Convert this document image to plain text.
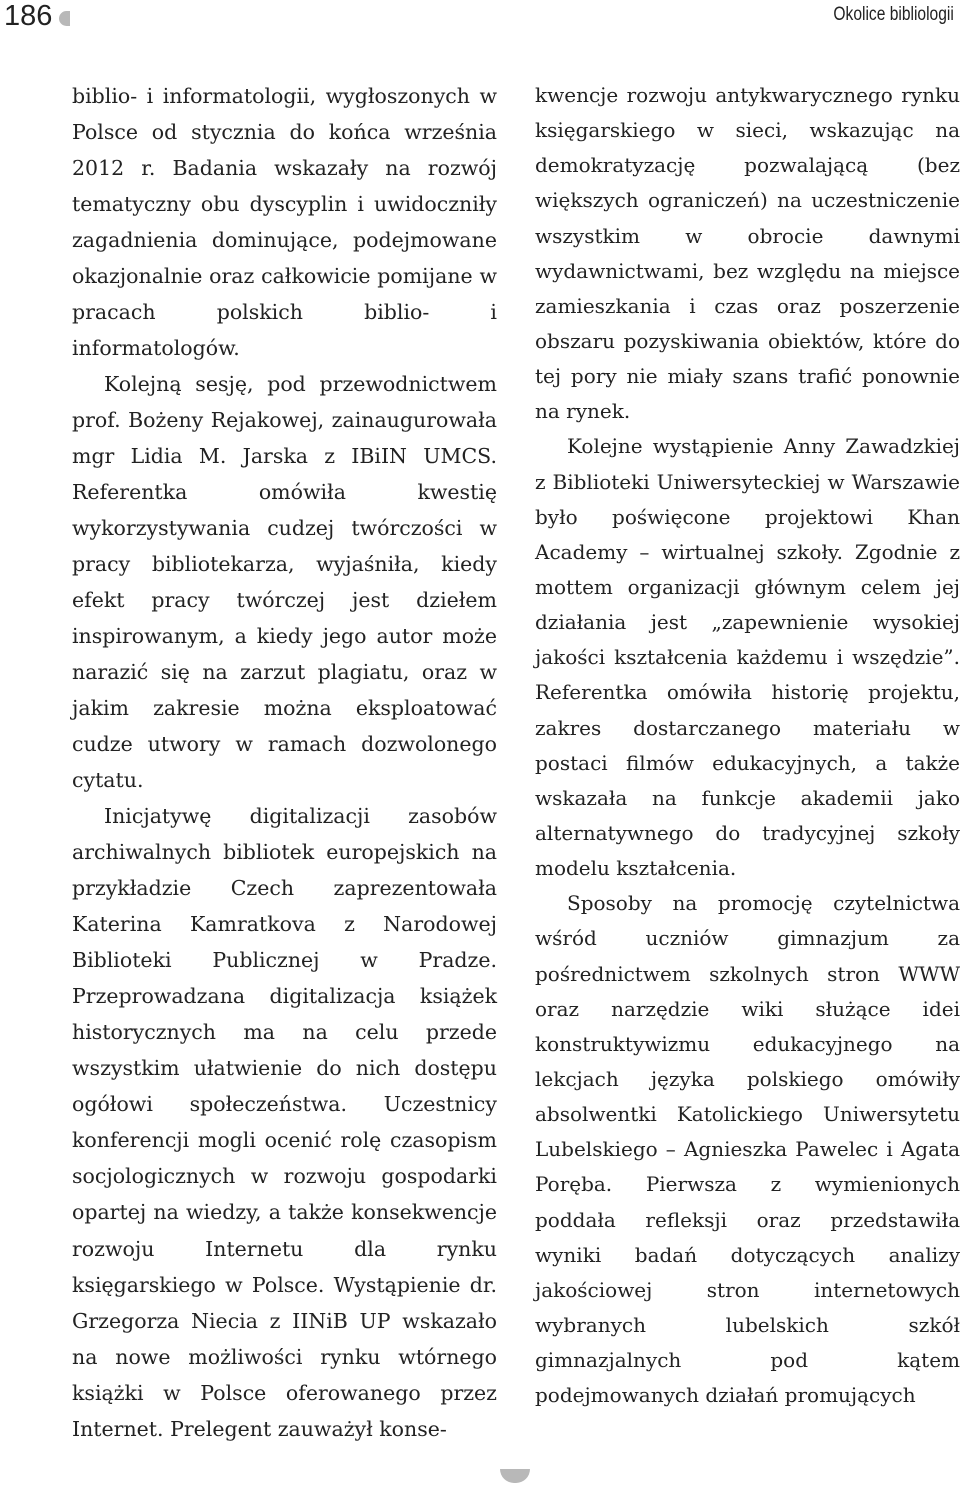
186	Okolice bibliologii

biblio- i informatologii, wygłoszonych w Polsce od stycznia do końca września 2012 r. Badania wskazały na rozwój tematyczny obu dyscyplin i uwidoczniły zagadnienia dominujące, podejmowane okazjonalnie oraz całkowicie pomijane w pracach polskich biblio- i informatologów.

Kolejną sesję, pod przewodnictwem prof. Bożeny Rejakowej, zainaugurowała mgr Lidia M. Jarska z IBiIN UMCS. Referentka omówiła kwestię wykorzystywania cudzej twórczości w pracy bibliotekarza, wyjaśniła, kiedy efekt pracy twórczej jest dziełem inspirowanym, a kiedy jego autor może narazić się na zarzut plagiatu, oraz w jakim zakresie można eksploatować cudze utwory w ramach dozwolonego cytatu.

Inicjatywę digitalizacji zasobów archiwalnych bibliotek europejskich na przykładzie Czech zaprezentowała Katerina Kamratkova z Narodowej Biblioteki Publicznej w Pradze. Przeprowadzana digitalizacja książek historycznych ma na celu przede wszystkim ułatwienie do nich dostępu ogółowi społeczeństwa. Uczestnicy konferencji mogli ocenić rolę czasopism socjologicznych w rozwoju gospodarki opartej na wiedzy, a także konsekwencje rozwoju Internetu dla rynku księgarskiego w Polsce. Wystąpienie dr. Grzegorza Niecia z IINiB UP wskazało na nowe możliwości rynku wtórnego książki w Polsce oferowanego przez Internet. Prelegent zauważył konse-

kwencje rozwoju antykwarycznego rynku księgarskiego w sieci, wskazując na demokratyzację pozwalającą (bez większych ograniczeń) na uczestniczenie wszystkim w obrocie dawnymi wydawnictwami, bez względu na miejsce zamieszkania i czas oraz poszerzenie obszaru pozyskiwania obiektów, które do tej pory nie miały szans trafić ponownie na rynek.

Kolejne wystąpienie Anny Zawadzkiej z Biblioteki Uniwersyteckiej w Warszawie było poświęcone projektowi Khan Academy – wirtualnej szkoły. Zgodnie z mottem organizacji głównym celem jej działania jest „zapewnienie wysokiej jakości kształcenia każdemu i wszędzie”. Referentka omówiła historię projektu, zakres dostarczanego materiału w postaci filmów edukacyjnych, a także wskazała na funkcje akademii jako alternatywnego do tradycyjnej szkoły modelu kształcenia.

Sposoby na promocję czytelnictwa wśród uczniów gimnazjum za pośrednictwem szkolnych stron WWW oraz narzędzie wiki służące idei konstruktywizmu edukacyjnego na lekcjach języka polskiego omówiły absolwentki Katolickiego Uniwersytetu Lubelskiego – Agnieszka Pawelec i Agata Poręba. Pierwsza z wymienionych poddała refleksji oraz przedstawiła wyniki badań dotyczących analizy jakościowej stron internetowych wybranych lubelskich szkół gimnazjalnych pod kątem podejmowanych działań promujących
